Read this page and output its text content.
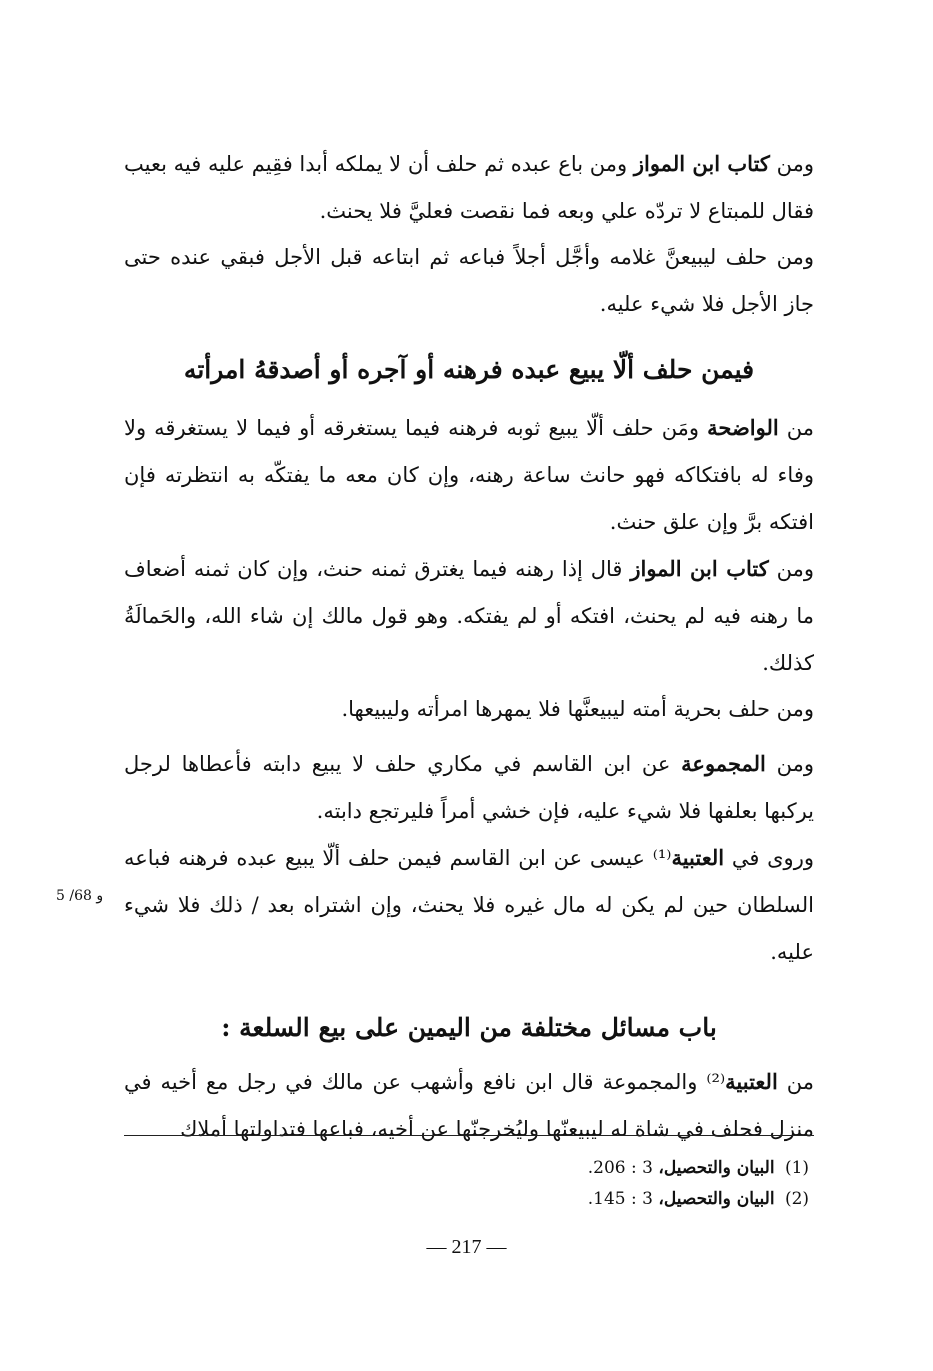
ومن كتاب ابن المواز ومن باع عبده ثم حلف أن لا يملكه أبدا فقِيم عليه فيه بعيب فقال للمبتاع لا تردّه علي وبعه فما نقصت فعليَّ فلا يحنث.
ومن حلف ليبيعنَّ غلامه وأجَّل أجلاً فباعه ثم ابتاعه قبل الأجل فبقي عنده حتى جاز الأجل فلا شيء عليه.
فيمن حلف ألّا يبيع عبده فرهنه أو آجره أو أصدقهُ امرأته
من الواضحة ومَن حلف ألّا يبيع ثوبه فرهنه فيما يستغرقه أو فيما لا يستغرقه ولا وفاء له بافتكاكه فهو حانث ساعة رهنه، وإن كان معه ما يفتكّه به انتظرته فإن افتكه برَّ وإن علق حنث.
ومن كتاب ابن المواز قال إذا رهنه فيما يغترق ثمنه حنث، وإن كان ثمنه أضعاف ما رهنه فيه لم يحنث، افتكه أو لم يفتكه. وهو قول مالك إن شاء الله، والحَمالَةُ كذلك.
ومن حلف بحرية أمته ليبيعنَّها فلا يمهرها امرأته وليبيعها.
ومن المجموعة عن ابن القاسم في مكاري حلف لا يبيع دابته فأعطاها لرجل يركبها بعلفها فلا شيء عليه، فإن خشي أمراً فليرتجع دابته.
وروى في العتبية⁽¹⁾ عيسى عن ابن القاسم فيمن حلف ألّا يبيع عبده فرهنه فباعه السلطان حين لم يكن له مال غيره فلا يحنث، وإن اشتراه بعد / ذلك فلا شيء عليه.
5 /68 و
باب مسائل مختلفة من اليمين على بيع السلعة :
من العتبية⁽²⁾ والمجموعة قال ابن نافع وأشهب عن مالك في رجل مع أخيه في منزل فحلف في شاة له ليبيعنّها وليُخرجنّها عن أخيه، فباعها فتداولتها أملاك
(1) البيان والتحصيل، 3 : 206.
(2) البيان والتحصيل، 3 : 145.
— 217 —
